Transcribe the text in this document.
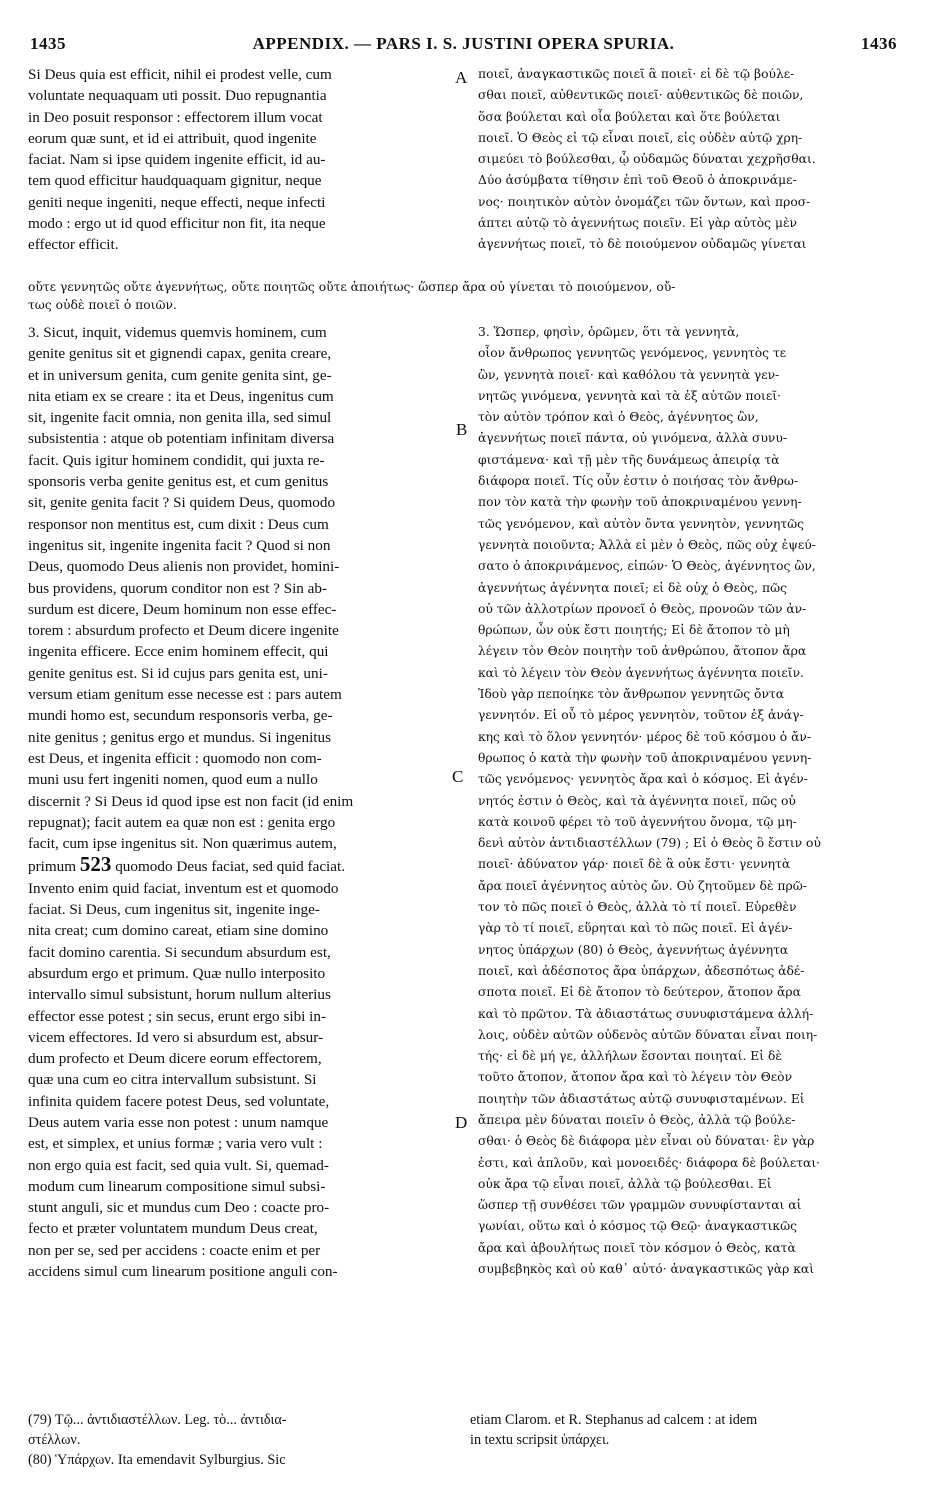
1435	APPENDIX. — PARS I. S. JUSTINI OPERA SPURIA.	1436
Si Deus quia est efficit, nihil ei prodest velle, cum
voluntate nequaquam uti possit. Duo repugnantia
in Deo posuit responsor : effectorem illum vocat
eorum quæ sunt, et id ei attribuit, quod ingenite
faciat. Nam si ipse quidem ingenite efficit, id au-
tem quod efficitur haudquaquam gignitur, neque
geniti neque ingeniti, neque effecti, neque infecti
modo : ergo ut id quod efficitur non fit, ita neque
effector efficit.
ποιεῖ, ἀναγκαστικῶς ποιεῖ ἃ ποιεῖ· εἰ δὲ τῷ βούλε-
σθαι ποιεῖ, αὐθεντικῶς ποιεῖ· αὐθεντικῶς δὲ ποιῶν,
ὅσα βούλεται καὶ οἷα βούλεται καὶ ὅτε βούλεται
ποιεῖ. Ὁ Θεὸς εἰ τῷ εἶναι ποιεῖ, εἰς οὐδὲν αὐτῷ χρη-
σιμεύει τὸ βούλεσθαι, ᾧ οὐδαμῶς δύναται χεχρῆσθαι.
Δύο ἀσύμβατα τίθησιν ἐπὶ τοῦ Θεοῦ ὁ ἀποκρινάμε-
νος· ποιητικὸν αὐτὸν ὀνομάζει τῶν ὄντων, καὶ προσ-
άπτει αὐτῷ τὸ ἀγεννήτως ποιεῖν. Εἰ γὰρ αὐτὸς μὲν
ἀγεννήτως ποιεῖ, τὸ δὲ ποιούμενον οὐδαμῶς γίνεται
οὔτε γεννητῶς οὔτε ἀγεννήτως, οὔτε ποιητῶς οὔτε ἀποιήτως· ὥσπερ ἄρα οὐ γίνεται τὸ ποιούμενον, οὔ-
τως οὐδὲ ποιεῖ ὁ ποιῶν.
3. Sicut, inquit, videmus quemvis hominem, cum
genite genitus sit et gignendi capax, genita creare,
et in universum genita, cum genite genita sint, ge-
nita etiam ex se creare : ita et Deus, ingenitus cum
sit, ingenite facit omnia, non genita illa, sed simul
subsistentia : atque ob potentiam infinitam diversa
facit. Quis igitur hominem condidit, qui juxta re-
sponsoris verba genite genitus est, et cum genitus
sit, genite genita facit ? Si quidem Deus, quomodo
responsor non mentitus est, cum dixit : Deus cum
ingenitus sit, ingenite ingenita facit ? Quod si non
Deus, quomodo Deus alienis non providet, homini-
bus providens, quorum conditor non est ? Sin ab-
surdum est dicere, Deum hominum non esse effec-
torem : absurdum profecto et Deum dicere ingenite
ingenita efficere. Ecce enim hominem effecit, qui
genite genitus est. Si id cujus pars genita est, uni-
versum etiam genitum esse necesse est : pars autem
mundi homo est, secundum responsoris verba, ge-
nite genitus ; genitus ergo et mundus. Si ingenitus
est Deus, et ingenita efficit : quomodo non com-
muni usu fert ingeniti nomen, quod eum a nullo
discernit ? Si Deus id quod ipse est non facit (id enim
repugnat); facit autem ea quæ non est : genita ergo
facit, cum ipse ingenitus sit. Non quærimus autem,
primum 523 quomodo Deus faciat, sed quid faciat.
Invento enim quid faciat, inventum est et quomodo
faciat. Si Deus, cum ingenitus sit, ingenite inge-
nita creat; cum domino careat, etiam sine domino
facit domino carentia. Si secundum absurdum est,
absurdum ergo et primum. Quæ nullo interposito
intervallo simul subsistunt, horum nullum alterius
effector esse potest ; sin secus, erunt ergo sibi in-
vicem effectores. Id vero si absurdum est, absur-
dum profecto et Deum dicere eorum effectorem,
quæ una cum eo citra intervallum subsistunt. Si
infinita quidem facere potest Deus, sed voluntate,
Deus autem varia esse non potest : unum namque
est, et simplex, et unius formæ ; varia vero vult :
non ergo quia est facit, sed quia vult. Si, quemad-
modum cum linearum compositione simul subsi-
stunt anguli, sic et mundus cum Deo : coacte pro-
fecto et præter voluntatem mundum Deus creat,
non per se, sed per accidens : coacte enim et per
accidens simul cum linearum positione anguli con-
3. Ὥσπερ, φησὶν, ὁρῶμεν, ὅτι τὰ γεννητὰ,
οἷον ἄνθρωπος γεννητῶς γενόμενος, γεννητὸς τε
ὢν, γεννητὰ ποιεῖ· καὶ καθόλου τὰ γεννητὰ γεν-
νητῶς γινόμενα, γεννητὰ καὶ τὰ ἐξ αὐτῶν ποιεῖ·
τὸν αὐτὸν τρόπον καὶ ὁ Θεὸς, ἀγέννητος ὢν,
ἀγεννήτως ποιεῖ πάντα, οὐ γινόμενα, ἀλλὰ συνυ-
φιστάμενα· καὶ τῇ μὲν τῆς δυνάμεως ἀπειρίᾳ τὰ
διάφορα ποιεῖ. Τίς οὖν ἐστιν ὁ ποιήσας τὸν ἄνθρω-
πον τὸν κατὰ τὴν φωνὴν τοῦ ἀποκριναμένου γεννη-
τῶς γενόμενον, καὶ αὐτὸν ὄντα γεννητὸν, γεννητῶς
γεννητὰ ποιοῦντα; Ἀλλὰ εἰ μὲν ὁ Θεὸς, πῶς οὐχ ἐψεύ-
σατο ὁ ἀποκρινάμενος, εἰπών· Ὁ Θεὸς, ἀγέννητος ὢν,
ἀγεννήτως ἀγέννητα ποιεῖ; εἰ δὲ οὐχ ὁ Θεὸς, πῶς
οὐ τῶν ἀλλοτρίων προνοεῖ ὁ Θεὸς, προνοῶν τῶν ἀν-
θρώπων, ὧν οὐκ ἔστι ποιητής; Εἰ δὲ ἄτοπον τὸ μὴ
λέγειν τὸν Θεὸν ποιητὴν τοῦ ἀνθρώπου, ἄτοπον ἄρα
καὶ τὸ λέγειν τὸν Θεὸν ἀγεννήτως ἀγέννητα ποιεῖν.
Ἰδοὺ γὰρ πεποίηκε τὸν ἄνθρωπον γεννητῶς ὄντα
γεννητόν. Εἰ οὗ τὸ μέρος γεννητὸν, τοῦτον ἐξ ἀνάγ-
κης καὶ τὸ ὅλον γεννητόν· μέρος δὲ τοῦ κόσμου ὁ ἄν-
θρωπος ὁ κατὰ τὴν φωνὴν τοῦ ἀποκριναμένου γεννη-
τῶς γενόμενος· γεννητὸς ἄρα καὶ ὁ κόσμος. Εἰ ἀγέν-
νητός ἐστιν ὁ Θεὸς, καὶ τὰ ἀγέννητα ποιεῖ, πῶς οὐ
κατὰ κοινοῦ φέρει τὸ τοῦ ἀγεννήτου ὄνομα, τῷ μη-
δενὶ αὐτὸν ἀντιδιαστέλλων (79) ; Εἰ ὁ Θεὸς ὃ ἔστιν οὐ
ποιεῖ· ἀδύνατον γάρ· ποιεῖ δὲ ἃ οὐκ ἔστι· γεννητὰ
ἄρα ποιεῖ ἀγέννητος αὐτὸς ὤν. Οὐ ζητοῦμεν δὲ πρῶ-
τον τὸ πῶς ποιεῖ ὁ Θεὸς, ἀλλὰ τὸ τί ποιεῖ. Εὑρεθὲν
γὰρ τὸ τί ποιεῖ, εὕρηται καὶ τὸ πῶς ποιεῖ. Εἰ ἀγέν-
νητος ὑπάρχων (80) ὁ Θεὸς, ἀγεννήτως ἀγέννητα
ποιεῖ, καὶ ἀδέσποτος ἄρα ὑπάρχων, ἀδεσπότως ἀδέ-
σποτα ποιεῖ. Εἰ δὲ ἄτοπον τὸ δεύτερον, ἄτοπον ἄρα
καὶ τὸ πρῶτον. Τὰ ἀδιαστάτως συνυφιστάμενα ἀλλή-
λοις, οὐδὲν αὐτῶν οὐδενὸς αὐτῶν δύναται εἶναι ποιη-
τής· εἰ δὲ μή γε, ἀλλήλων ἔσονται ποιηταί. Εἰ δὲ
τοῦτο ἄτοπον, ἄτοπον ἄρα καὶ τὸ λέγειν τὸν Θεὸν
ποιητὴν τῶν ἀδιαστάτως αὐτῷ συνυφισταμένων. Εἰ
ἄπειρα μὲν δύναται ποιεῖν ὁ Θεὸς, ἀλλὰ τῷ βούλε-
σθαι· ὁ Θεὸς δὲ διάφορα μὲν εἶναι οὐ δύναται· ἓν γὰρ
ἐστι, καὶ ἁπλοῦν, καὶ μονοειδές· διάφορα δὲ βούλεται·
οὐκ ἄρα τῷ εἶναι ποιεῖ, ἀλλὰ τῷ βούλεσθαι. Εἰ
ὥσπερ τῇ συνθέσει τῶν γραμμῶν συνυφίστανται αἱ
γωνίαι, οὕτω καὶ ὁ κόσμος τῷ Θεῷ· ἀναγκαστικῶς
ἄρα καὶ ἀβουλήτως ποιεῖ τὸν κόσμον ὁ Θεὸς, κατὰ
συμβεβηκὸς καὶ οὐ καθ᾽ αὐτό· ἀναγκαστικῶς γὰρ καὶ
A
B
C
D
(79) Τῷ... ἀντιδιαστέλλων. Leg. τὸ... ἀντιδια-
στέλλων.
(80) Ὑπάρχων. Ita emendavit Sylburgius. Sic
etiam Clarom. et R. Stephanus ad calcem : at idem
in textu scripsit ὑπάρχει.
